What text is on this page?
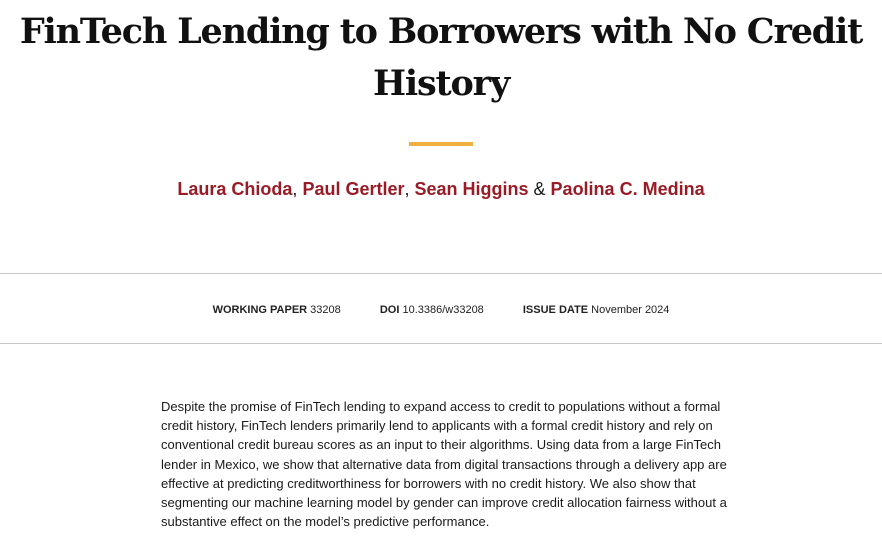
FinTech Lending to Borrowers with No Credit History
Laura Chioda, Paul Gertler, Sean Higgins & Paolina C. Medina
WORKING PAPER 33208	DOI 10.3386/w33208	ISSUE DATE November 2024

Despite the promise of FinTech lending to expand access to credit to populations without a formal credit history, FinTech lenders primarily lend to applicants with a formal credit history and rely on conventional credit bureau scores as an input to their algorithms. Using data from a large FinTech lender in Mexico, we show that alternative data from digital transactions through a delivery app are effective at predicting creditworthiness for borrowers with no credit history. We also show that segmenting our machine learning model by gender can improve credit allocation fairness without a substantive effect on the model’s predictive performance.
